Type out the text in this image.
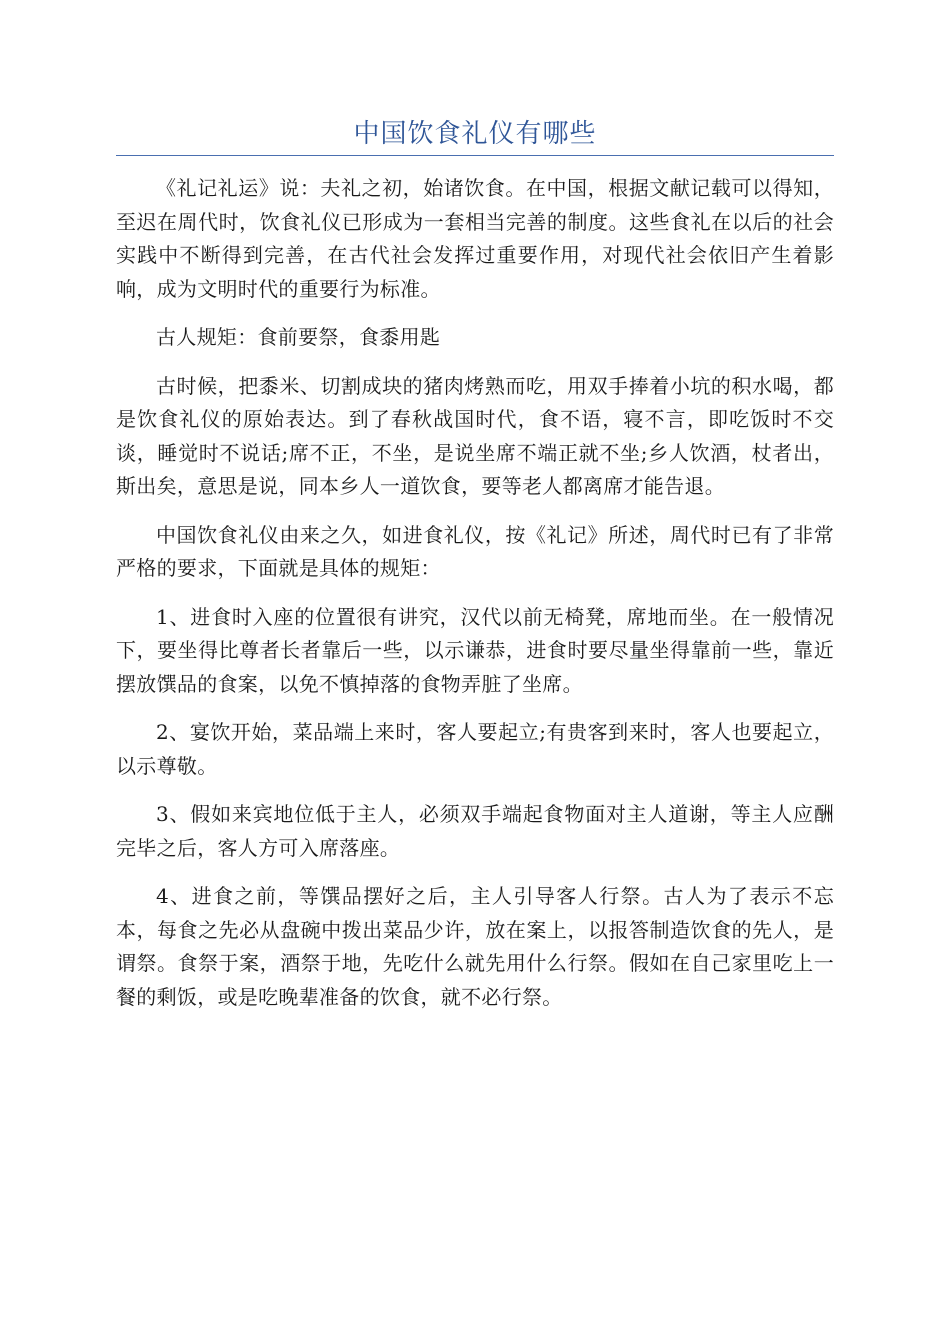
中国饮食礼仪有哪些

《礼记礼运》说：夫礼之初，始诸饮食。在中国，根据文献记载可以得知，至迟在周代时，饮食礼仪已形成为一套相当完善的制度。这些食礼在以后的社会实践中不断得到完善，在古代社会发挥过重要作用，对现代社会依旧产生着影响，成为文明时代的重要行为标准。

古人规矩：食前要祭，食黍用匙

古时候，把黍米、切割成块的猪肉烤熟而吃，用双手捧着小坑的积水喝，都是饮食礼仪的原始表达。到了春秋战国时代，食不语，寝不言，即吃饭时不交谈，睡觉时不说话;席不正，不坐，是说坐席不端正就不坐;乡人饮酒，杖者出，斯出矣，意思是说，同本乡人一道饮食，要等老人都离席才能告退。

中国饮食礼仪由来之久，如进食礼仪，按《礼记》所述，周代时已有了非常严格的要求，下面就是具体的规矩：

1、进食时入座的位置很有讲究，汉代以前无椅凳，席地而坐。在一般情况下，要坐得比尊者长者靠后一些，以示谦恭，进食时要尽量坐得靠前一些，靠近摆放馔品的食案，以免不慎掉落的食物弄脏了坐席。

2、宴饮开始，菜品端上来时，客人要起立;有贵客到来时，客人也要起立，以示尊敬。

3、假如来宾地位低于主人，必须双手端起食物面对主人道谢，等主人应酬完毕之后，客人方可入席落座。

4、进食之前，等馔品摆好之后，主人引导客人行祭。古人为了表示不忘本，每食之先必从盘碗中拨出菜品少许，放在案上，以报答制造饮食的先人，是谓祭。食祭于案，酒祭于地，先吃什么就先用什么行祭。假如在自己家里吃上一餐的剩饭，或是吃晚辈准备的饮食，就不必行祭。
